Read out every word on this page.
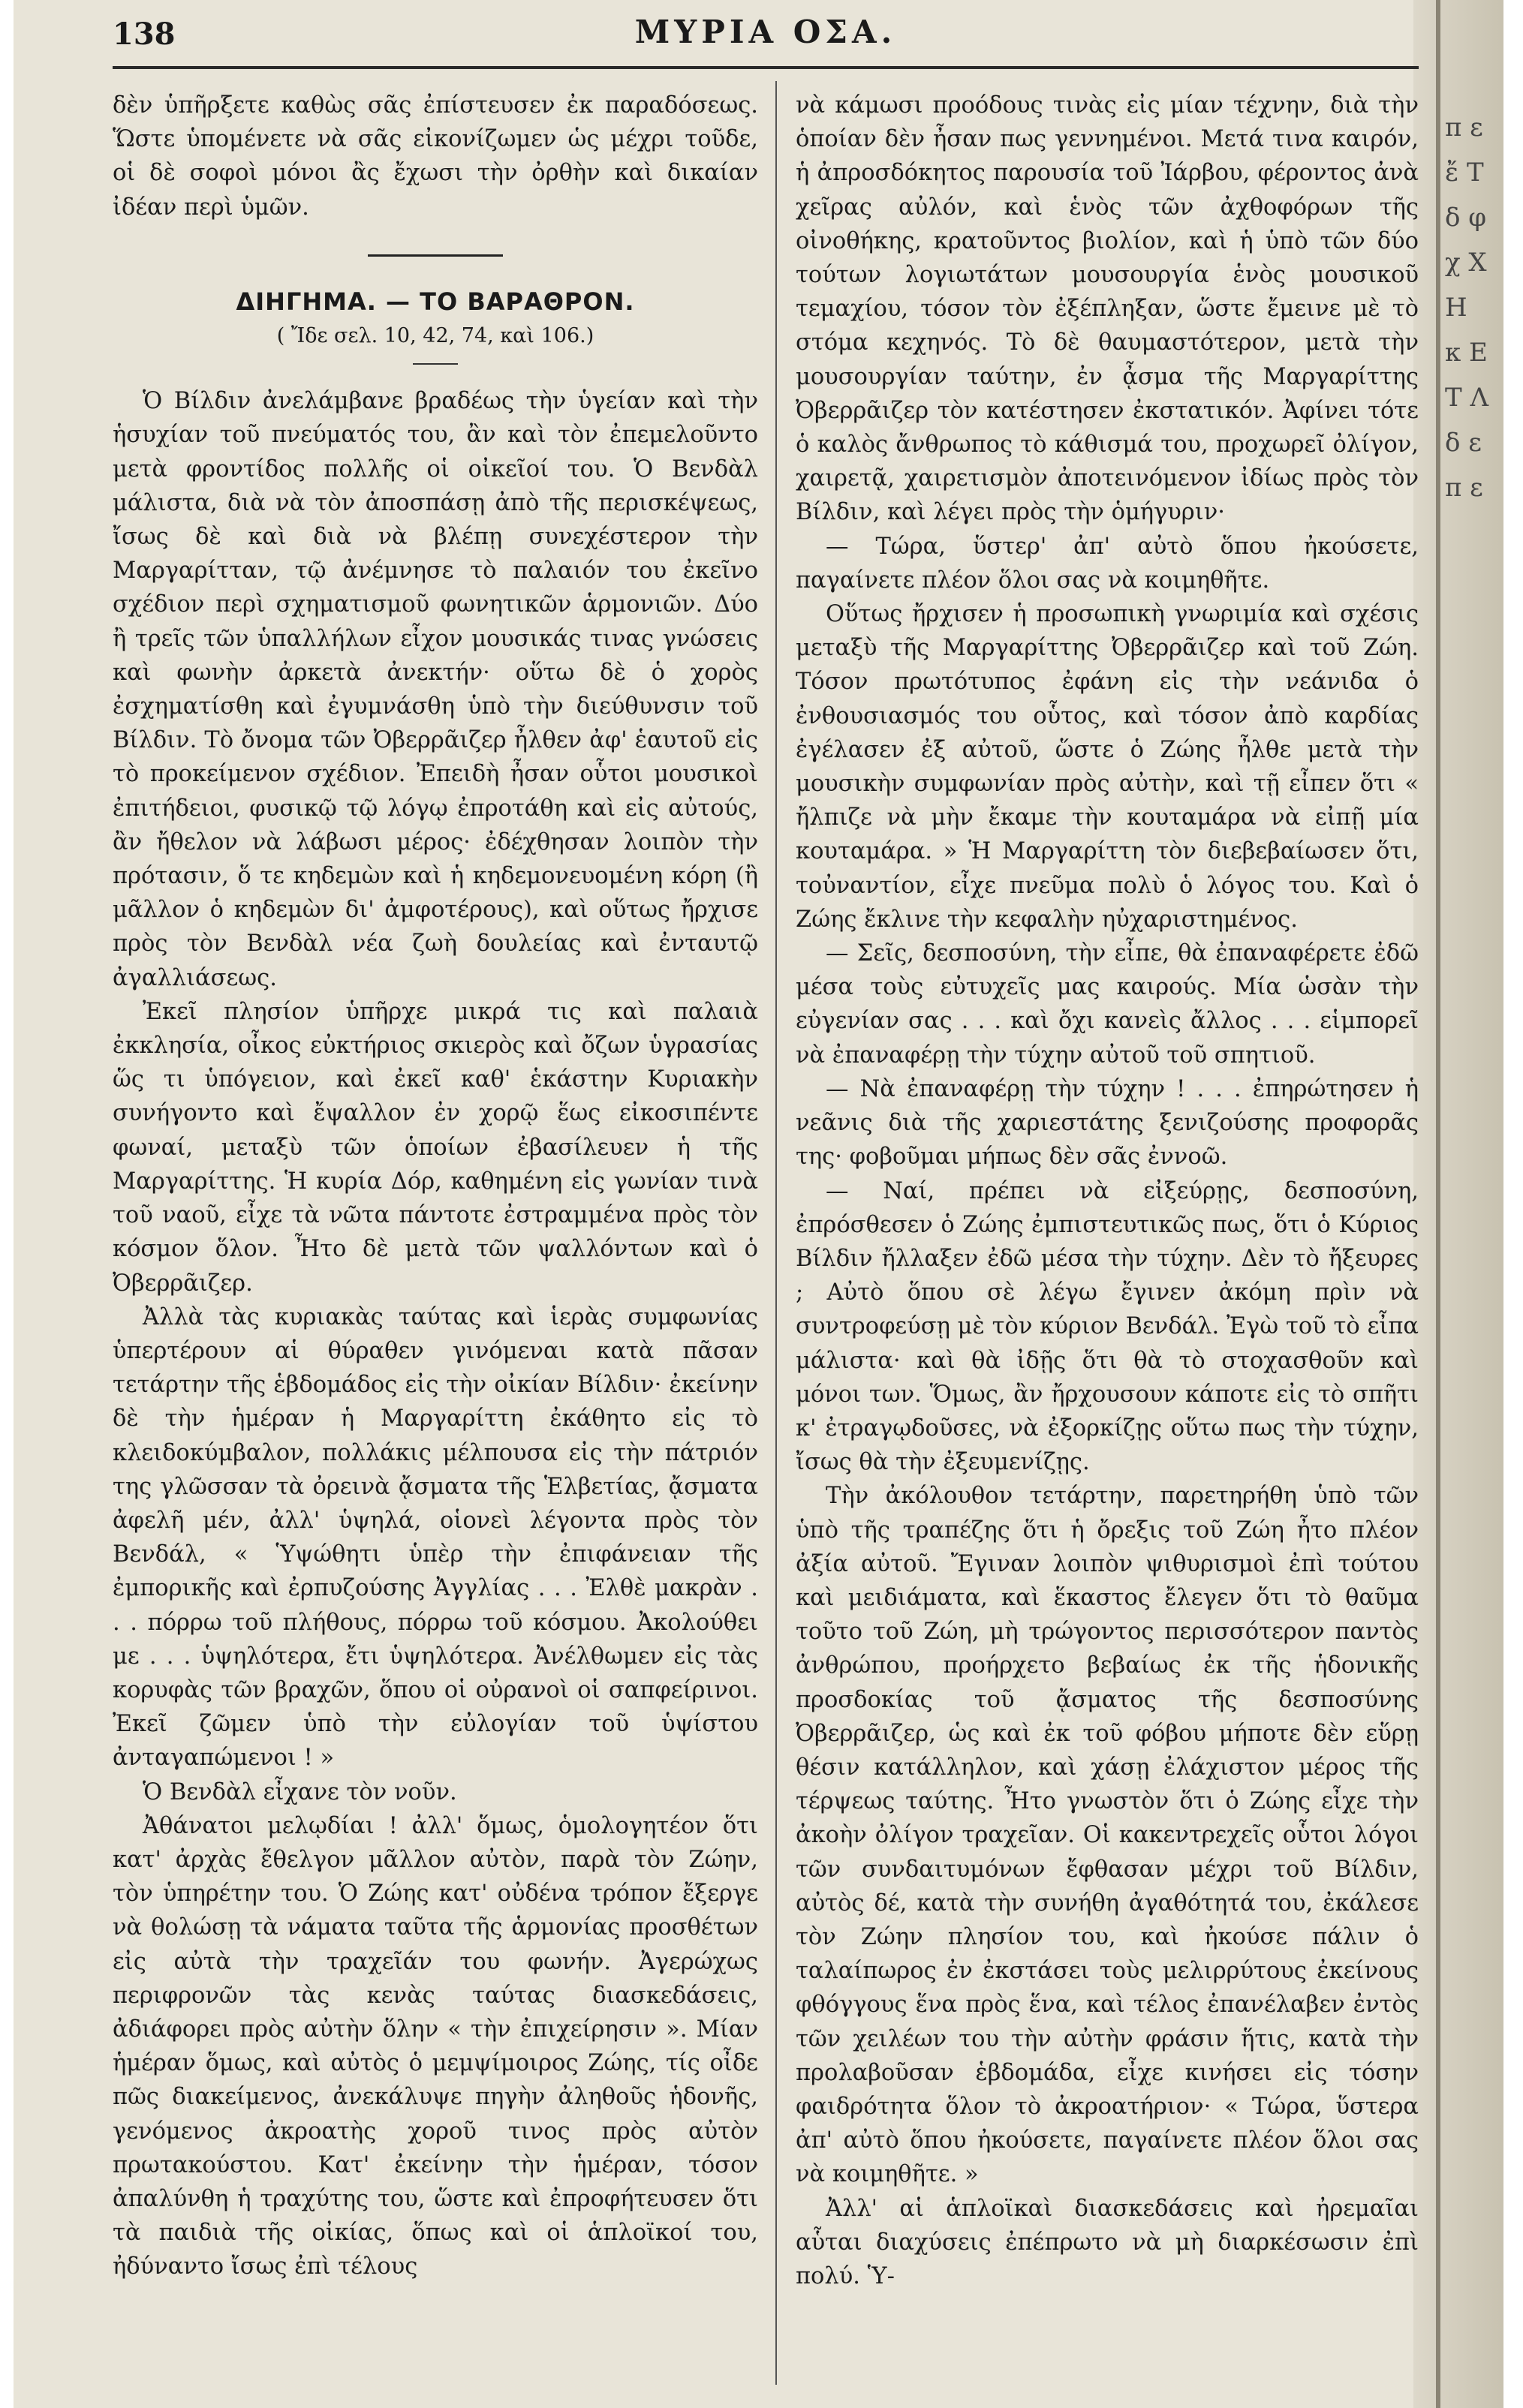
π ε ἔ Τ δ φ χ Χ Η κ Ε Τ Λ δ ε π ε
138	ΜΥΡΙΑ ΟΣΑ.

δὲν ὑπῆρξετε καθὼς σᾶς ἐπίστευσεν ἐκ παραδόσεως. Ὥστε ὑπομένετε νὰ σᾶς εἰκονίζωμεν ὡς μέχρι τοῦδε, οἱ δὲ σοφοὶ μόνοι ἂς ἔχωσι τὴν ὀρθὴν καὶ δικαίαν ἰδέαν περὶ ὑμῶν.

ΔΙΗΓΗΜΑ. — ΤΟ ΒΑΡΑΘΡΟΝ.

( Ἴδε σελ. 10, 42, 74, καὶ 106.)

Ὁ Βίλδιν ἀνελάμβανε βραδέως τὴν ὑγείαν καὶ τὴν ἡσυχίαν τοῦ πνεύματός του, ἂν καὶ τὸν ἐπεμελοῦντο μετὰ φροντίδος πολλῆς οἱ οἰκεῖοί του. Ὁ Βενδὰλ μάλιστα, διὰ νὰ τὸν ἀποσπάσῃ ἀπὸ τῆς περισκέψεως, ἴσως δὲ καὶ διὰ νὰ βλέπῃ συνεχέστερον τὴν Μαργαρίτταν, τῷ ἀνέμνησε τὸ παλαιόν του ἐκεῖνο σχέδιον περὶ σχηματισμοῦ φωνητικῶν ἁρμονιῶν. Δύο ἢ τρεῖς τῶν ὑπαλλήλων εἶχον μουσικάς τινας γνώσεις καὶ φωνὴν ἀρκετὰ ἀνεκτήν· οὕτω δὲ ὁ χορὸς ἐσχηματίσθη καὶ ἐγυμνάσθη ὑπὸ τὴν διεύθυνσιν τοῦ Βίλδιν. Τὸ ὄνομα τῶν Ὀβερρᾶιζερ ἦλθεν ἀφ' ἑαυτοῦ εἰς τὸ προκείμενον σχέδιον. Ἐπειδὴ ἦσαν οὗτοι μουσικοὶ ἐπιτήδειοι, φυσικῷ τῷ λόγῳ ἐπροτάθη καὶ εἰς αὐτούς, ἂν ἤθελον νὰ λάβωσι μέρος· ἐδέχθησαν λοιπὸν τὴν πρότασιν, ὅ τε κηδεμὼν καὶ ἡ κηδεμονευομένη κόρη (ἢ μᾶλλον ὁ κηδεμὼν δι' ἀμφοτέρους), καὶ οὕτως ἤρχισε πρὸς τὸν Βενδὰλ νέα ζωὴ δουλείας καὶ ἐνταυτῷ ἀγαλλιάσεως.

Ἐκεῖ πλησίον ὑπῆρχε μικρά τις καὶ παλαιὰ ἐκκλησία, οἶκος εὐκτήριος σκιερὸς καὶ ὄζων ὑγρασίας ὥς τι ὑπόγειον, καὶ ἐκεῖ καθ' ἑκάστην Κυριακὴν συνήγοντο καὶ ἔψαλλον ἐν χορῷ ἕως εἰκοσιπέντε φωναί, μεταξὺ τῶν ὁποίων ἐβασίλευεν ἡ τῆς Μαργαρίττης. Ἡ κυρία Δόρ, καθημένη εἰς γωνίαν τινὰ τοῦ ναοῦ, εἶχε τὰ νῶτα πάντοτε ἐστραμμένα πρὸς τὸν κόσμον ὅλον. Ἦτο δὲ μετὰ τῶν ψαλλόντων καὶ ὁ Ὀβερρᾶιζερ.

Ἀλλὰ τὰς κυριακὰς ταύτας καὶ ἱερὰς συμφωνίας ὑπερτέρουν αἱ θύραθεν γινόμεναι κατὰ πᾶσαν τετάρτην τῆς ἑβδομάδος εἰς τὴν οἰκίαν Βίλδιν· ἐκείνην δὲ τὴν ἡμέραν ἡ Μαργαρίττη ἐκάθητο εἰς τὸ κλειδοκύμβαλον, πολλάκις μέλπουσα εἰς τὴν πάτριόν της γλῶσσαν τὰ ὀρεινὰ ᾄσματα τῆς Ἑλβετίας, ᾄσματα ἀφελῆ μέν, ἀλλ' ὑψηλά, οἱονεὶ λέγοντα πρὸς τὸν Βενδάλ, « Ὑψώθητι ὑπὲρ τὴν ἐπιφάνειαν τῆς ἐμπορικῆς καὶ ἐρπυζούσης Ἀγγλίας . . . Ἐλθὲ μακρὰν . . . πόρρω τοῦ πλήθους, πόρρω τοῦ κόσμου. Ἀκολούθει με . . . ὑψηλότερα, ἔτι ὑψηλότερα. Ἀνέλθωμεν εἰς τὰς κορυφὰς τῶν βραχῶν, ὅπου οἱ οὐρανοὶ οἱ σαπφείρινοι. Ἐκεῖ ζῶμεν ὑπὸ τὴν εὐλογίαν τοῦ ὑψίστου ἀνταγαπώμενοι ! »

Ὁ Βενδὰλ εἶχανε τὸν νοῦν.

Ἀθάνατοι μελῳδίαι ! ἀλλ' ὅμως, ὁμολογητέον ὅτι κατ' ἀρχὰς ἔθελγον μᾶλλον αὐτὸν, παρὰ τὸν Ζώην, τὸν ὑπηρέτην του. Ὁ Ζώης κατ' οὐδένα τρόπον ἔξεργε νὰ θολώσῃ τὰ νάματα ταῦτα τῆς ἁρμονίας προσθέτων εἰς αὐτὰ τὴν τραχεῖάν του φωνήν. Ἀγερώχως περιφρονῶν τὰς κενὰς ταύτας διασκεδάσεις, ἀδιάφορει πρὸς αὐτὴν ὅλην « τὴν ἐπιχείρησιν ». Μίαν ἡμέραν ὅμως, καὶ αὐτὸς ὁ μεμψίμοιρος Ζώης, τίς οἶδε πῶς διακείμενος, ἀνεκάλυψε πηγὴν ἀληθοῦς ἡδονῆς, γενόμενος ἀκροατὴς χοροῦ τινος πρὸς αὐτὸν πρωτακούστου. Κατ' ἐκείνην τὴν ἡμέραν, τόσον ἀπαλύνθη ἡ τραχύτης του, ὥστε καὶ ἐπροφήτευσεν ὅτι τὰ παιδιὰ τῆς οἰκίας, ὅπως καὶ οἱ ἁπλοϊκοί του, ἠδύναντο ἴσως ἐπὶ τέλους

νὰ κάμωσι προόδους τινὰς εἰς μίαν τέχνην, διὰ τὴν ὁποίαν δὲν ἦσαν πως γεννημένοι. Μετά τινα καιρόν, ἡ ἀπροσδόκητος παρουσία τοῦ Ἰάρβου, φέροντος ἀνὰ χεῖρας αὐλόν, καὶ ἑνὸς τῶν ἀχθοφόρων τῆς οἰνοθήκης, κρατοῦντος βιολίον, καὶ ἡ ὑπὸ τῶν δύο τούτων λογιωτάτων μουσουργία ἑνὸς μουσικοῦ τεμαχίου, τόσον τὸν ἐξέπληξαν, ὥστε ἔμεινε μὲ τὸ στόμα κεχηνός. Τὸ δὲ θαυμαστότερον, μετὰ τὴν μουσουργίαν ταύτην, ἐν ᾆσμα τῆς Μαργαρίττης Ὀβερρᾶιζερ τὸν κατέστησεν ἐκστατικόν. Ἀφίνει τότε ὁ καλὸς ἄνθρωπος τὸ κάθισμά του, προχωρεῖ ὀλίγον, χαιρετᾷ, χαιρετισμὸν ἀποτεινόμενον ἰδίως πρὸς τὸν Βίλδιν, καὶ λέγει πρὸς τὴν ὁμήγυριν·

— Τώρα, ὕστερ' ἀπ' αὐτὸ ὅπου ἠκούσετε, παγαίνετε πλέον ὅλοι σας νὰ κοιμηθῆτε.

Οὕτως ἤρχισεν ἡ προσωπικὴ γνωριμία καὶ σχέσις μεταξὺ τῆς Μαργαρίττης Ὀβερρᾶιζερ καὶ τοῦ Ζώη. Τόσον πρωτότυπος ἐφάνη εἰς τὴν νεάνιδα ὁ ἐνθουσιασμός του οὗτος, καὶ τόσον ἀπὸ καρδίας ἐγέλασεν ἐξ αὐτοῦ, ὥστε ὁ Ζώης ἦλθε μετὰ τὴν μουσικὴν συμφωνίαν πρὸς αὐτὴν, καὶ τῇ εἶπεν ὅτι « ἤλπιζε νὰ μὴν ἔκαμε τὴν κουταμάρα νὰ εἰπῇ μία κουταμάρα. » Ἡ Μαργαρίττη τὸν διεβεβαίωσεν ὅτι, τοὐναντίον, εἶχε πνεῦμα πολὺ ὁ λόγος του. Καὶ ὁ Ζώης ἔκλινε τὴν κεφαλὴν ηὐχαριστημένος.

— Σεῖς, δεσποσύνη, τὴν εἶπε, θὰ ἐπαναφέρετε ἐδῶ μέσα τοὺς εὐτυχεῖς μας καιρούς. Μία ὡσὰν τὴν εὐγενίαν σας . . . καὶ ὄχι κανεὶς ἄλλος . . . εἱμπορεῖ νὰ ἐπαναφέρῃ τὴν τύχην αὐτοῦ τοῦ σπητιοῦ.

— Νὰ ἐπαναφέρῃ τὴν τύχην ! . . . ἐπηρώτησεν ἡ νεᾶνις διὰ τῆς χαριεστάτης ξενιζούσης προφορᾶς της· φοβοῦμαι μήπως δὲν σᾶς ἐννοῶ.

— Ναί, πρέπει νὰ εἰξεύρῃς, δεσποσύνη, ἐπρόσθεσεν ὁ Ζώης ἐμπιστευτικῶς πως, ὅτι ὁ Κύριος Βίλδιν ἤλλαξεν ἐδῶ μέσα τὴν τύχην. Δὲν τὸ ἤξευρες ; Αὐτὸ ὅπου σὲ λέγω ἔγινεν ἀκόμη πρὶν νὰ συντροφεύσῃ μὲ τὸν κύριον Βενδάλ. Ἐγὼ τοῦ τὸ εἶπα μάλιστα· καὶ θὰ ἰδῇς ὅτι θὰ τὸ στοχασθοῦν καὶ μόνοι των. Ὅμως, ἂν ἤρχουσουν κάποτε εἰς τὸ σπῆτι κ' ἐτραγῳδοῦσες, νὰ ἐξορκίζῃς οὕτω πως τὴν τύχην, ἴσως θὰ τὴν ἐξευμενίζῃς.

Τὴν ἀκόλουθον τετάρτην, παρετηρήθη ὑπὸ τῶν ὑπὸ τῆς τραπέζης ὅτι ἡ ὄρεξις τοῦ Ζώη ἦτο πλέον ἀξία αὐτοῦ. Ἔγιναν λοιπὸν ψιθυρισμοὶ ἐπὶ τούτου καὶ μειδιάματα, καὶ ἕκαστος ἔλεγεν ὅτι τὸ θαῦμα τοῦτο τοῦ Ζώη, μὴ τρώγοντος περισσότερον παντὸς ἀνθρώπου, προήρχετο βεβαίως ἐκ τῆς ἡδονικῆς προσδοκίας τοῦ ᾄσματος τῆς δεσποσύνης Ὀβερρᾶιζερ, ὡς καὶ ἐκ τοῦ φόβου μήποτε δὲν εὕρῃ θέσιν κατάλληλον, καὶ χάσῃ ἐλάχιστον μέρος τῆς τέρψεως ταύτης. Ἦτο γνωστὸν ὅτι ὁ Ζώης εἶχε τὴν ἀκοὴν ὀλίγον τραχεῖαν. Οἱ κακεντρεχεῖς οὗτοι λόγοι τῶν συνδαιτυμόνων ἔφθασαν μέχρι τοῦ Βίλδιν, αὐτὸς δέ, κατὰ τὴν συνήθη ἀγαθότητά του, ἐκάλεσε τὸν Ζώην πλησίον του, καὶ ἠκούσε πάλιν ὁ ταλαίπωρος ἐν ἐκστάσει τοὺς μελιρρύτους ἐκείνους φθόγγους ἕνα πρὸς ἕνα, καὶ τέλος ἐπανέλαβεν ἐντὸς τῶν χειλέων του τὴν αὐτὴν φράσιν ἥτις, κατὰ τὴν προλαβοῦσαν ἑβδομάδα, εἶχε κινήσει εἰς τόσην φαιδρότητα ὅλον τὸ ἀκροατήριον· « Τώρα, ὕστερα ἀπ' αὐτὸ ὅπου ἠκούσετε, παγαίνετε πλέον ὅλοι σας νὰ κοιμηθῆτε. »

Ἀλλ' αἱ ἁπλοϊκαὶ διασκεδάσεις καὶ ἠρεμαῖαι αὗται διαχύσεις ἐπέπρωτο νὰ μὴ διαρκέσωσιν ἐπὶ πολύ. Ὑ-
